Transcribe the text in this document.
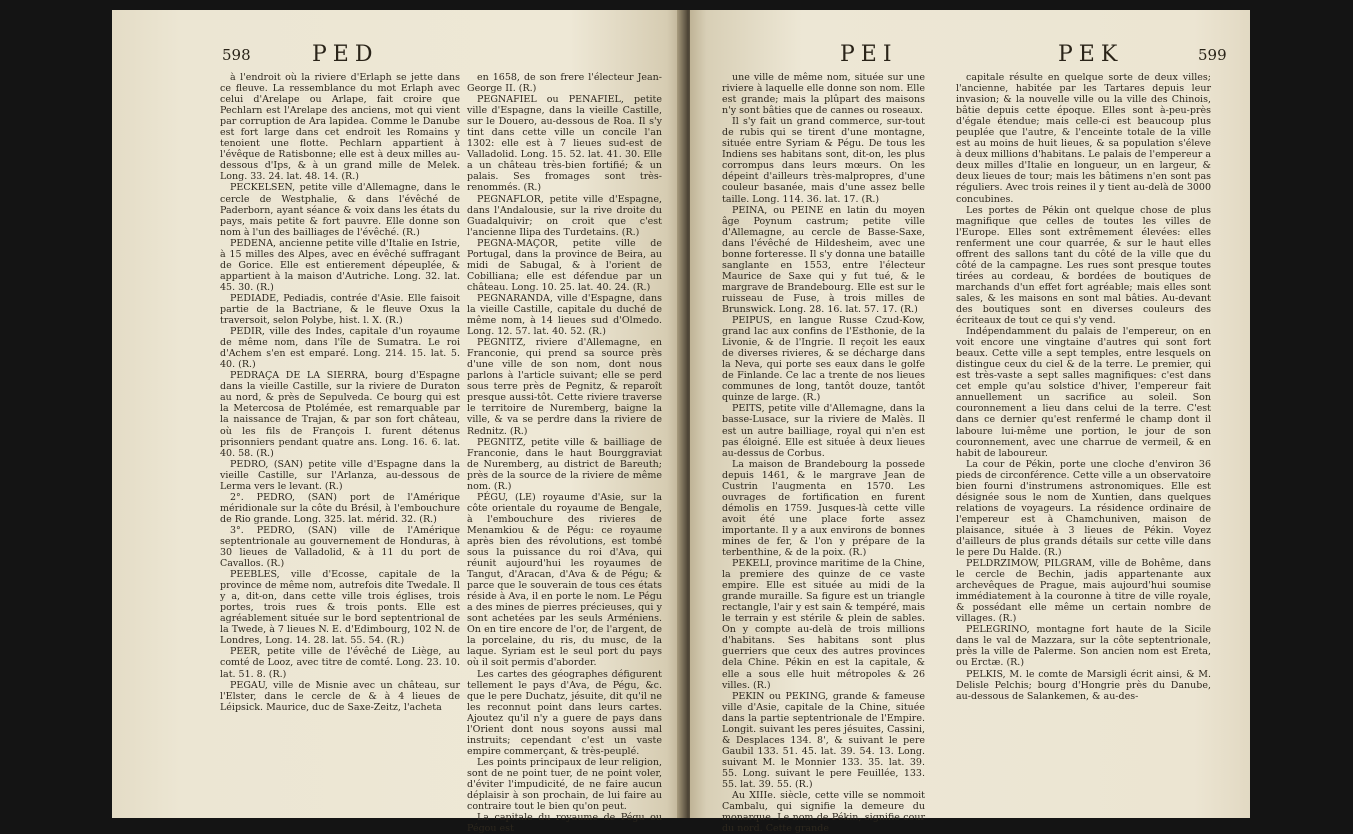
598	PED

à l'endroit où la riviere d'Erlaph se jette dans ce fleuve. La ressemblance du mot Erlaph avec celui d'Arelape ou Arlape, fait croire que Pechlarn est l'Arelape des anciens, mot qui vient par corruption de Ara lapidea. Comme le Danube est fort large dans cet endroit les Romains y tenoient une flotte. Pechlarn appartient à l'évêque de Ratisbonne; elle est à deux milles au-dessous d'Ips, & à un grand mille de Melek. Long. 33. 24. lat. 48. 14. (R.)

PECKELSEN, petite ville d'Allemagne, dans le cercle de Westphalie, & dans l'évêché de Paderborn, ayant séance & voix dans les états du pays, mais petite & fort pauvre. Elle donne son nom à l'un des bailliages de l'évêché. (R.)

PEDENA, ancienne petite ville d'Italie en Istrie, à 15 milles des Alpes, avec en évêché suffragant de Gorice. Elle est entierement dépeuplée, & appartient à la maison d'Autriche. Long. 32. lat. 45. 30. (R.)

PEDIADE, Pediadis, contrée d'Asie. Elle faisoit partie de la Bactriane, & le fleuve Oxus la traversoit, selon Polybe, hist. l. X. (R.)

PEDIR, ville des Indes, capitale d'un royaume de même nom, dans l'île de Sumatra. Le roi d'Achem s'en est emparé. Long. 214. 15. lat. 5. 40. (R.)

PEDRAÇA DE LA SIERRA, bourg d'Espagne dans la vieille Castille, sur la riviere de Duraton au nord, & près de Sepulveda. Ce bourg qui est la Metercosa de Ptolémée, est remarquable par la naissance de Trajan, & par son fort château, où les fils de François I. furent détenus prisonniers pendant quatre ans. Long. 16. 6. lat. 40. 58. (R.)

PEDRO, (SAN) petite ville d'Espagne dans la vieille Castille, sur l'Arlanza, au-dessous de Lerma vers le levant. (R.)

2°. PEDRO, (SAN) port de l'Amérique méridionale sur la côte du Brésil, à l'embouchure de Rio grande. Long. 325. lat. mérid. 32. (R.)

3°. PEDRO, (SAN) ville de l'Amérique septentrionale au gouvernement de Honduras, à 30 lieues de Valladolid, & à 11 du port de Cavallos. (R.)

PEEBLES, ville d'Ecosse, capitale de la province de même nom, autrefois dite Twedale. Il y a, dit-on, dans cette ville trois églises, trois portes, trois rues & trois ponts. Elle est agréablement située sur le bord septentrional de la Twede, à 7 lieues N. E. d'Edimbourg, 102 N. de Londres, Long. 14. 28. lat. 55. 54. (R.)

PEER, petite ville de l'évêché de Liège, au comté de Looz, avec titre de comté. Long. 23. 10. lat. 51. 8. (R.)

PEGAU, ville de Misnie avec un château, sur l'Elster, dans le cercle de & à 4 lieues de Léipsick. Maurice, duc de Saxe-Zeitz, l'acheta

en 1658, de son frere l'électeur Jean-George II. (R.)

PEGNAFIEL ou PENAFIEL, petite ville d'Espagne, dans la vieille Castille, sur le Douero, au-dessous de Roa. Il s'y tint dans cette ville un concile l'an 1302: elle est à 7 lieues sud-est de Valladolid. Long. 15. 52. lat. 41. 30. Elle a un château très-bien fortifié; & un palais. Ses fromages sont très-renommés. (R.)

PEGNAFLOR, petite ville d'Espagne, dans l'Andalousie, sur la rive droite du Guadalquivir; on croit que c'est l'ancienne Ilipa des Turdetains. (R.)

PEGNA-MAÇOR, petite ville de Portugal, dans la province de Beira, au midi de Sabugal, & à l'orient de Cobilliana; elle est défendue par un château. Long. 10. 25. lat. 40. 24. (R.)

PEGNARANDA, ville d'Espagne, dans la vieille Castille, capitale du duché de même nom, à 14 lieues sud d'Olmedo. Long. 12. 57. lat. 40. 52. (R.)

PEGNITZ, riviere d'Allemagne, en Franconie, qui prend sa source près d'une ville de son nom, dont nous parlons à l'article suivant; elle se perd sous terre près de Pegnitz, & reparoît presque aussi-tôt. Cette riviere traverse le territoire de Nuremberg, baigne la ville, & va se perdre dans la riviere de Rednitz. (R.)

PEGNITZ, petite ville & bailliage de Franconie, dans le haut Bourggraviat de Nuremberg, au district de Bareuth; près de la source de la riviere de même nom. (R.)

PÉGU, (LE) royaume d'Asie, sur la côte orientale du royaume de Bengale, à l'embouchure des rivieres de Menamkiou & de Pégu: ce royaume après bien des révolutions, est tombé sous la puissance du roi d'Ava, qui réunit aujourd'hui les royaumes de Tangut, d'Aracan, d'Ava & de Pégu; & parce que le souverain de tous ces états réside à Ava, il en porte le nom. Le Pégu a des mines de pierres précieuses, qui y sont achetées par les seuls Arméniens. On en tire encore de l'or, de l'argent, de la porcelaine, du ris, du musc, de la laque. Syriam est le seul port du pays où il soit permis d'aborder.

Les cartes des géographes défigurent tellement le pays d'Ava, de Pégu, &c. que le pere Duchatz, jésuite, dit qu'il ne les reconnut point dans leurs cartes. Ajoutez qu'il n'y a guere de pays dans l'Orient dont nous soyons aussi mal instruits; cependant c'est un vaste empire commerçant, & très-peuplé.

Les points principaux de leur religion, sont de ne point tuer, de ne point voler, d'éviter l'impudicité, de ne faire aucun déplaisir à son prochain, de lui faire au contraire tout le bien qu'on peut.

La capitale du royaume de Pégu ou Pégou est

PEI	PEK	599

une ville de même nom, située sur une riviere à laquelle elle donne son nom. Elle est grande; mais la plûpart des maisons n'y sont bâties que de cannes ou roseaux.

Il s'y fait un grand commerce, sur-tout de rubis qui se tirent d'une montagne, située entre Syriam & Pégu. De tous les Indiens ses habitans sont, dit-on, les plus corrompus dans leurs mœurs. On les dépeint d'ailleurs très-malpropres, d'une couleur basanée, mais d'une assez belle taille. Long. 114. 36. lat. 17. (R.)

PEINA, ou PEINE en latin du moyen âge Poynum castrum; petite ville d'Allemagne, au cercle de Basse-Saxe, dans l'évêché de Hildesheim, avec une bonne forteresse. Il s'y donna une bataille sanglante en 1553, entre l'électeur Maurice de Saxe qui y fut tué, & le margrave de Brandebourg. Elle est sur le ruisseau de Fuse, à trois milles de Brunswick. Long. 28. 16. lat. 57. 17. (R.)

PEIPUS, en langue Russe Czud-Kow, grand lac aux confins de l'Esthonie, de la Livonie, & de l'Ingrie. Il reçoit les eaux de diverses rivieres, & se décharge dans la Neva, qui porte ses eaux dans le golfe de Finlande. Ce lac a trente de nos lieues communes de long, tantôt douze, tantôt quinze de large. (R.)

PEITS, petite ville d'Allemagne, dans la basse-Lusace, sur la riviere de Malès. Il est un autre bailliage, royal qui n'en est pas éloigné. Elle est située à deux lieues au-dessus de Corbus.

La maison de Brandebourg la possede depuis 1461, & le margrave Jean de Custrin l'augmenta en 1570. Les ouvrages de fortification en furent démolis en 1759. Jusques-là cette ville avoit été une place forte assez importante. Il y a aux environs de bonnes mines de fer, & l'on y prépare de la terbenthine, & de la poix. (R.)

PEKELI, province maritime de la Chine, la premiere des quinze de ce vaste empire. Elle est située au midi de la grande muraille. Sa figure est un triangle rectangle, l'air y est sain & tempéré, mais le terrain y est stérile & plein de sables. On y compte au-delà de trois millions d'habitans. Ses habitans sont plus guerriers que ceux des autres provinces dela Chine. Pékin en est la capitale, & elle a sous elle huit métropoles & 26 villes. (R.)

PEKIN ou PEKING, grande & fameuse ville d'Asie, capitale de la Chine, située dans la partie septentrionale de l'Empire. Longit. suivant les peres jésuites, Cassini, & Desplaces 134. 8', & suivant le pere Gaubil 133. 51. 45. lat. 39. 54. 13. Long. suivant M. le Monnier 133. 35. lat. 39. 55. Long. suivant le pere Feuillée, 133. 55. lat. 39. 55. (R.)

Au XIIIe. siècle, cette ville se nommoit Cambalu, qui signifie la demeure du monarque. Le nom de Pékin, signifie cour du nord. Cette grande

capitale résulte en quelque sorte de deux villes; l'ancienne, habitée par les Tartares depuis leur invasion; & la nouvelle ville ou la ville des Chinois, bâtie depuis cette époque. Elles sont à-peu-près d'égale étendue; mais celle-ci est beaucoup plus peuplée que l'autre, & l'enceinte totale de la ville est au moins de huit lieues, & sa population s'éleve à deux millions d'habitans. Le palais de l'empereur a deux milles d'Italie en longueur, un en largeur, & deux lieues de tour; mais les bâtimens n'en sont pas réguliers. Avec trois reines il y tient au-delà de 3000 concubines.

Les portes de Pékin ont quelque chose de plus magnifique que celles de toutes les villes de l'Europe. Elles sont extrêmement élevées: elles renferment une cour quarrée, & sur le haut elles offrent des sallons tant du côté de la ville que du côté de la campagne. Les rues sont presque toutes tirées au cordeau, & bordées de boutiques de marchands d'un effet fort agréable; mais elles sont sales, & les maisons en sont mal bâties. Au-devant des boutiques sont en diverses couleurs des écriteaux de tout ce qui s'y vend.

Indépendamment du palais de l'empereur, on en voit encore une vingtaine d'autres qui sont fort beaux. Cette ville a sept temples, entre lesquels on distingue ceux du ciel & de la terre. Le premier, qui est très-vaste a sept salles magnifiques: c'est dans cet emple qu'au solstice d'hiver, l'empereur fait annuellement un sacrifice au soleil. Son couronnement a lieu dans celui de la terre. C'est dans ce dernier qu'est renfermé le champ dont il laboure lui-même une portion, le jour de son couronnement, avec une charrue de vermeil, & en habit de laboureur.

La cour de Pékin, porte une cloche d'environ 36 pieds de circonférence. Cette ville a un observatoire bien fourni d'instrumens astronomiques. Elle est désignée sous le nom de Xuntien, dans quelques relations de voyageurs. La résidence ordinaire de l'empereur est à Chamchuniven, maison de plaisance, située à 3 lieues de Pékin. Voyez d'ailleurs de plus grands détails sur cette ville dans le pere Du Halde. (R.)

PELDRZIMOW, PILGRAM, ville de Bohême, dans le cercle de Bechin, jadis appartenante aux archevêques de Prague, mais aujourd'hui soumise immédiatement à la couronne à titre de ville royale, & possédant elle même un certain nombre de villages. (R.)

PELEGRINO, montagne fort haute de la Sicile dans le val de Mazzara, sur la côte septentrionale, près la ville de Palerme. Son ancien nom est Ereta, ou Erctæ. (R.)

PELKIS, M. le comte de Marsigli écrit ainsi, & M. Delisle Pelchis; bourg d'Hongrie près du Danube, au-dessous de Salankemen, & au-des-
